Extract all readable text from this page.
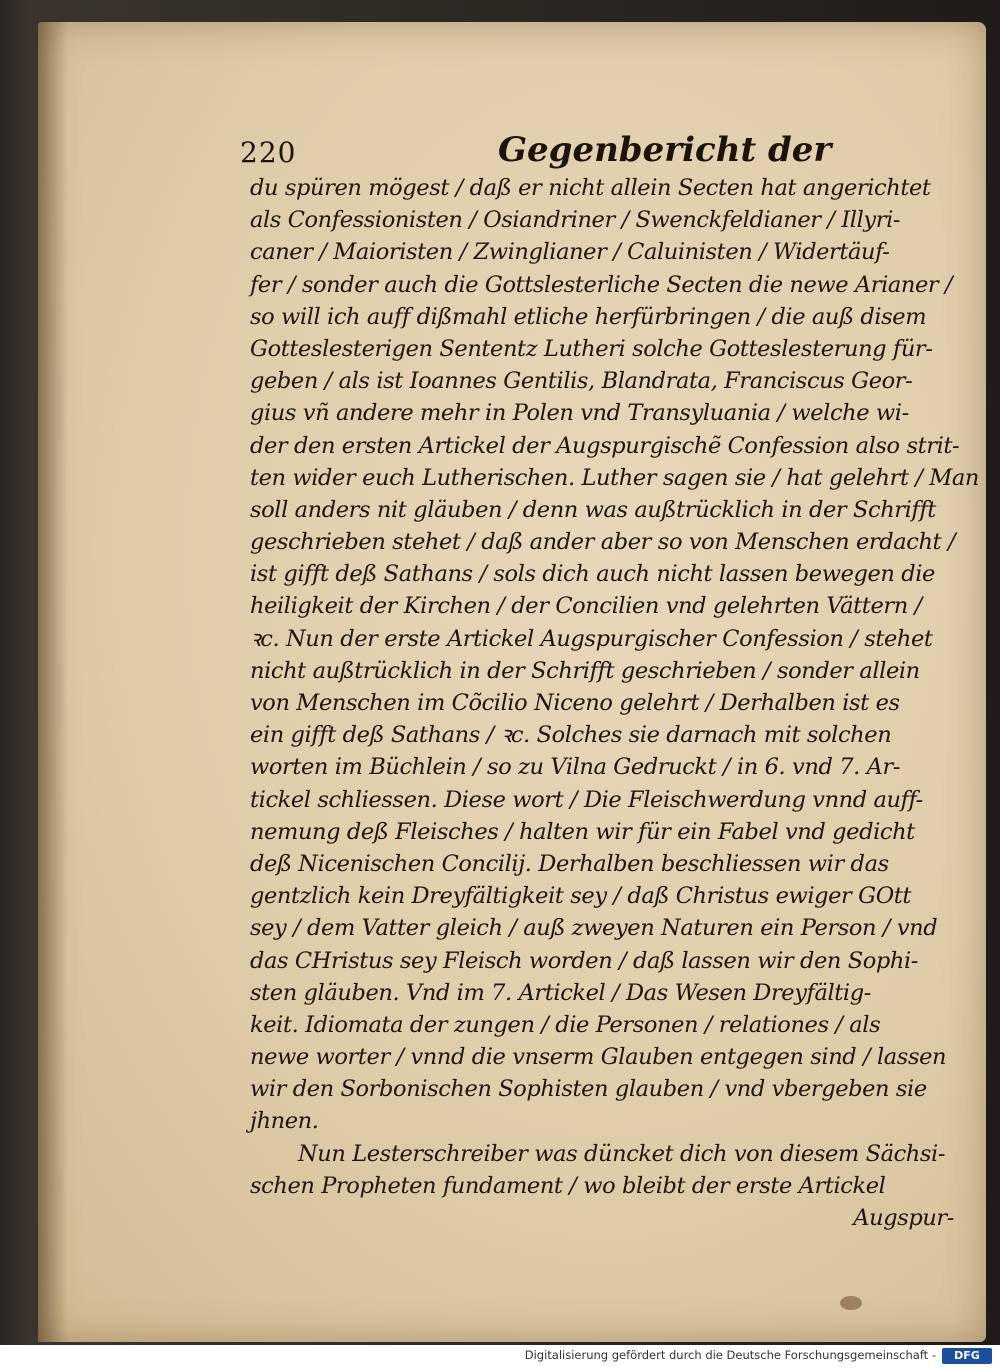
220	Gegenbericht der
du spüren mögest / daß er nicht allein Secten hat angerichtet
als Confessionisten / Osiandriner / Swenckfeldianer / Illyri-
caner / Maioristen / Zwinglianer / Caluinisten / Widertäuf-
fer / sonder auch die Gottslesterliche Secten die newe Arianer /
so will ich auff dißmahl etliche herfürbringen / die auß disem
Gotteslesterigen Sententz Lutheri solche Gotteslesterung für-
geben / als ist Ioannes Gentilis, Blandrata, Franciscus Geor-
gius vñ andere mehr in Polen vnd Transyluania / welche wi-
der den ersten Artickel der Augspurgischẽ Confession also strit-
ten wider euch Lutherischen. Luther sagen sie / hat gelehrt / Man
soll anders nit gläuben / denn was außtrücklich in der Schrifft
geschrieben stehet / daß ander aber so von Menschen erdacht /
ist gifft deß Sathans / sols dich auch nicht lassen bewegen die
heiligkeit der Kirchen / der Concilien vnd gelehrten Vättern /
ꝛc. Nun der erste Artickel Augspurgischer Confession / stehet
nicht außtrücklich in der Schrifft geschrieben / sonder allein
von Menschen im Cõcilio Niceno gelehrt / Derhalben ist es
ein gifft deß Sathans / ꝛc. Solches sie darnach mit solchen
worten im Büchlein / so zu Vilna Gedruckt / in 6. vnd 7. Ar-
tickel schliessen. Diese wort / Die Fleischwerdung vnnd auff-
nemung deß Fleisches / halten wir für ein Fabel vnd gedicht
deß Nicenischen Concilij. Derhalben beschliessen wir das
gentzlich kein Dreyfältigkeit sey / daß Christus ewiger GOtt
sey / dem Vatter gleich / auß zweyen Naturen ein Person / vnd
das CHristus sey Fleisch worden / daß lassen wir den Sophi-
sten gläuben. Vnd im 7. Artickel / Das Wesen Dreyfältig-
keit. Idiomata der zungen / die Personen / relationes / als
newe worter / vnnd die vnserm Glauben entgegen sind / lassen
wir den Sorbonischen Sophisten glauben / vnd vbergeben sie
jhnen.
Nun Lesterschreiber was düncket dich von diesem Sächsi-
schen Propheten fundament / wo bleibt der erste Artickel
Augspur-
Digitalisierung gefördert durch die Deutsche Forschungsgemeinschaft -	DFG
